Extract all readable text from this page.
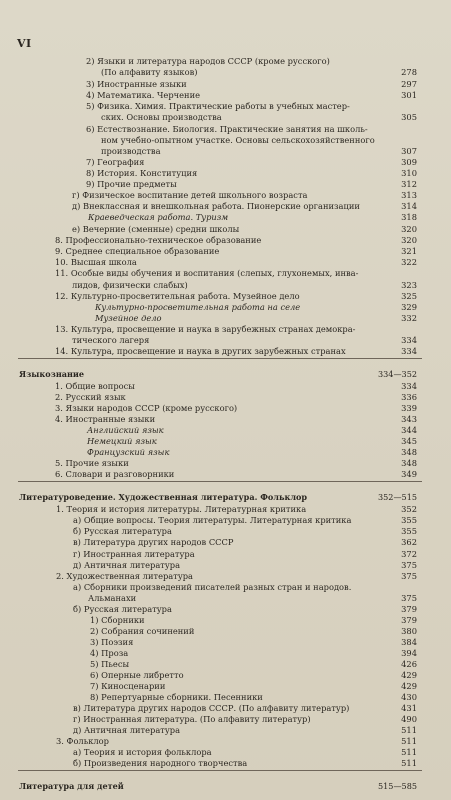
VI
2) Языки и литература народов СССР (кроме русского)
(По алфавиту языков)	278
3) Иностранные языки	297
4) Математика. Черчение	301
5) Физика. Химия. Практические работы в учебных мастер-
ских. Основы производства	305
6) Естествознание. Биология. Практические занятия на школь-
ном учебно-опытном участке. Основы сельскохозяйственного
производства	307
7) География	309
8) История. Конституция	310
9) Прочие предметы	312
г) Физическое воспитание детей школьного возраста	313
д) Внеклассная и внешкольная работа. Пионерские организации	314
Краеведческая работа. Туризм	318
е) Вечерние (сменные) средни школы	320
8. Профессионально-техническое образование	320
9. Среднее специальное образование	321
10. Высшая школа	322
11. Особые виды обучения и воспитания (слепых, глухонемых, инва-
лидов, физически слабых)	323
12. Культурно-просветительная работа. Музейное дело	325
Культурно-просветительная работа на селе	329
Музейное дело	332
13. Культура, просвещение и наука в зарубежных странах демокра-
тического лагеря	334
14. Культура, просвещение и наука в других зарубежных странах	334
Языкознание	334—352
1. Общие вопросы	334
2. Русский язык	336
3. Языки народов СССР (кроме русского)	339
4. Иностранные языки	343
Английский язык	344
Немецкий язык	345
Французский язык	348
5. Прочие языки	348
6. Словари и разговорники	349
Литературоведение. Художественная литература. Фольклор	352—515
1. Теория и история литературы. Литературная критика	352
а) Общие вопросы. Теория литературы. Литературная критика	355
б) Русская литература	355
в) Литература других народов СССР	362
г) Иностранная литература	372
д) Античная литература	375
2. Художественная литература	375
а) Сборники произведений писателей разных стран и народов.
Альманахи	375
б) Русская литература	379
1) Сборники	379
2) Собрания сочинений	380
3) Поэзия	384
4) Проза	394
5) Пьесы	426
6) Оперные либретто	429
7) Киносценарии	429
8) Репертуарные сборники. Песенники	430
в) Литература других народов СССР. (По алфавиту литератур)	431
г) Иностранная литература. (По алфавиту литератур)	490
д) Античная литература	511
3. Фольклор	511
а) Теория и история фольклора	511
б) Произведения народного творчества	511
Литература для детей	515—585
